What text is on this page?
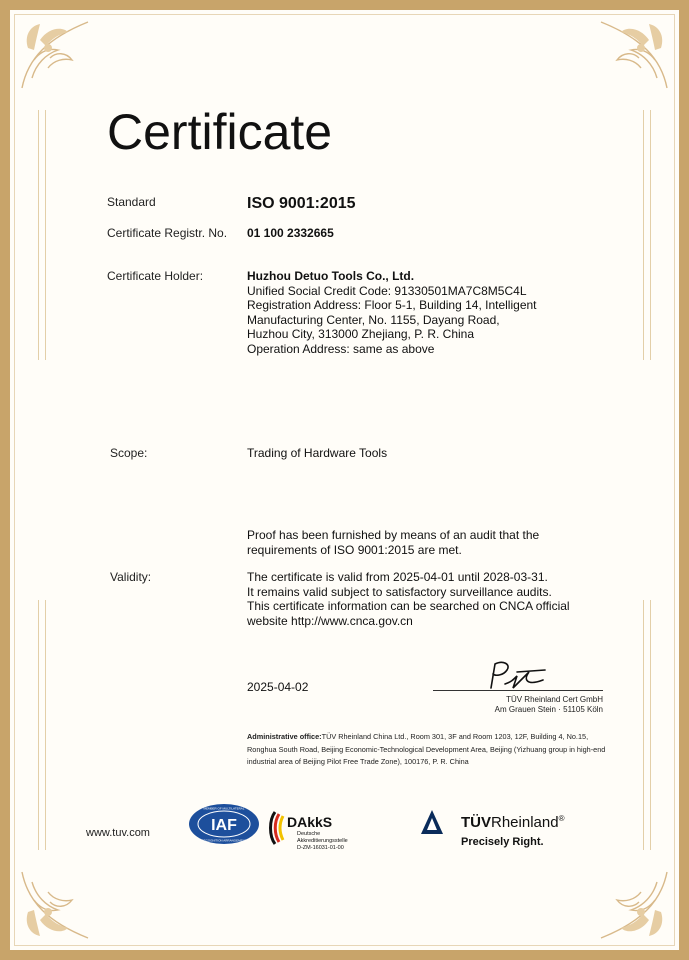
Certificate
Standard	ISO 9001:2015
Certificate Registr. No. 01 100 2332665
Certificate Holder:	Huzhou Detuo Tools Co., Ltd.
Unified Social Credit Code: 91330501MA7C8M5C4L
Registration Address: Floor 5-1, Building 14, Intelligent
Manufacturing Center, No. 1155, Dayang Road,
Huzhou City, 313000 Zhejiang, P. R. China
Operation Address: same as above
Scope:	Trading of Hardware Tools
Proof has been furnished by means of an audit that the
requirements of ISO 9001:2015 are met.
Validity:	The certificate is valid from 2025-04-01 until 2028-03-31.
It remains valid subject to satisfactory surveillance audits.
This certificate information can be searched on CNCA official
website http://www.cnca.gov.cn
2025-04-02
TÜV Rheinland Cert GmbH
Am Grauen Stein · 51105 Köln
Administrative office:TÜV Rheinland China Ltd., Room 301, 3F and Room 1203, 12F, Building 4, No.15, Ronghua South Road, Beijing Economic-Technological Development Area, Beijing (Yizhuang group in high-end industrial area of Beijing Pilot Free Trade Zone), 100176, P. R. China
www.tuv.com	IAF
MEMBER OF MULTILATERAL
RECOGNITION ARRANGEMENT
DAkkS
Deutsche
Akkreditierungsstelle
D-ZM-16031-01-00
TÜVRheinland®
Precisely Right.
